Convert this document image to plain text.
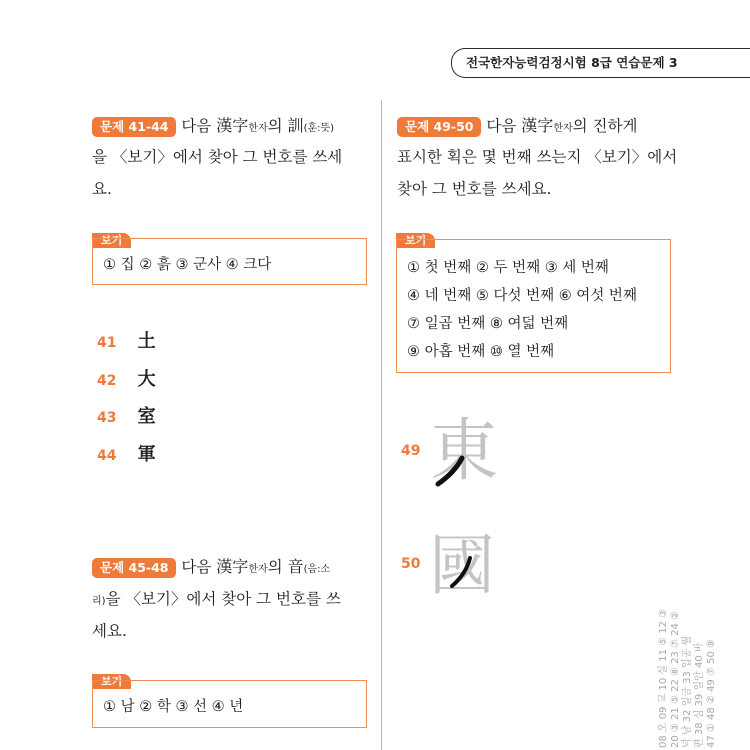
전국한자능력검정시험 8급 연습문제 3
문제 41-44 다음 漢字한자의 訓(훈:뜻)
을 〈보기〉에서 찾아 그 번호를 쓰세
요.
보기
① 집 ② 흙 ③ 군사 ④ 크다
41 土
42 大
43 室
44 軍
문제 45-48 다음 漢字한자의 音(음:소
리)을 〈보기〉에서 찾아 그 번호를 쓰
세요.
보기
① 남 ② 학 ③ 선 ④ 년
문제 49-50 다음 漢字한자의 진하게
표시한 획은 몇 번째 쓰는지 〈보기〉에서
찾아 그 번호를 쓰세요.
보기
① 첫 번째 ② 두 번째 ③ 세 번째
④ 네 번째 ⑤ 다섯 번째 ⑥ 여섯 번째
⑦ 일곱 번째 ⑧ 여덟 번째
⑨ 아홉 번째 ⑩ 열 번째
49 東
50 國
08 오 09 교 10 실 11 ⑤ 12 ③ 20 ③ 21 ⑤ 22 ⑧ 23 ⑦ 24 ② 넉 남 32 일금 33 입공 월 편 38 심 39 일안 40 바 47 ① 48 ② 49 ⑦ 50 ⑨
